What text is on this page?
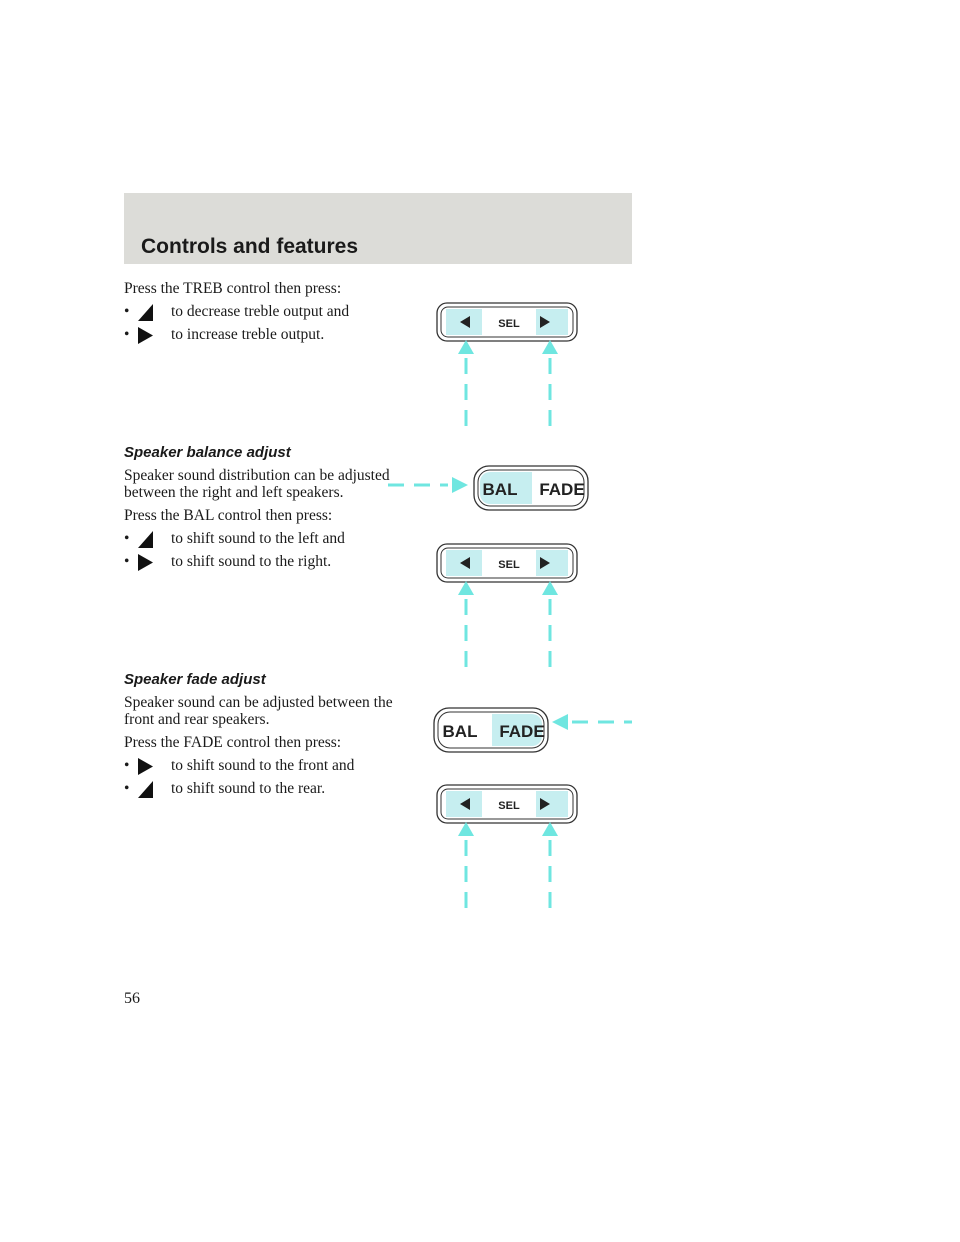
Controls and features

Press the TREB control then press:

•	to decrease treble output and
•	to increase treble output.
Speaker balance adjust

Speaker sound distribution can be adjusted between the right and left speakers.

Press the BAL control then press:

•	to shift sound to the left and
•	to shift sound to the right.
Speaker fade adjust

Speaker sound can be adjusted between the front and rear speakers.

Press the FADE control then press:

•	to shift sound to the front and
•	to shift sound to the rear.
SEL
BAL FADE
SEL
BAL FADE
SEL

56
